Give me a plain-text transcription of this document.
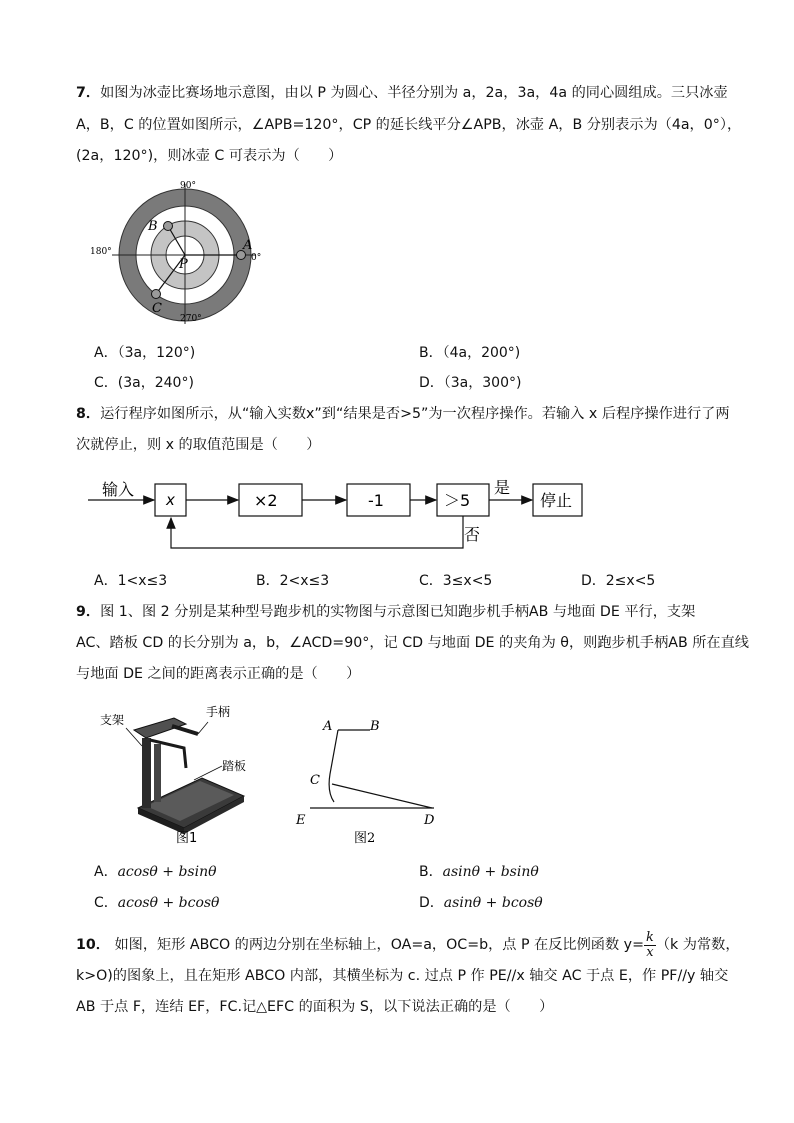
7．如图为冰壶比赛场地示意图，由以 P 为圆心、半径分别为 a，2a，3a，4a 的同心圆组成。三只冰壶
A，B，C 的位置如图所示，∠APB=120°，CP 的延长线平分∠APB，冰壶 A，B 分别表示为（4a，0°），
(2a，120°)，则冰壶 C 可表示为（　　）
90°
180°
0°
270°
A
B
C
P
A．（3a，120°)	B．（4a，200°)
C．(3a，240°)	D．（3a，300°)
8．运行程序如图所示，从“输入实数x”到“结果是否>5”为一次程序操作。若输入 x 后程序操作进行了两
次就停止，则 x 的取值范围是（　　）
输入
x	×2	-1	＞5
是
停止
否
A．1<x≤3	B．2<x≤3	C．3≤x<5	D．2≤x<5
9．图 1、图 2 分别是某种型号跑步机的实物图与示意图已知跑步机手柄AB 与地面 DE 平行，支架
AC、踏板 CD 的长分别为 a，b，∠ACD=90°，记 CD 与地面 DE 的夹角为 θ，则跑步机手柄AB 所在直线
与地面 DE 之间的距离表示正确的是（　　）
支架
手柄
踏板
图1
A	B
C
E	D
图2
A．acosθ + bsinθ	B．asinθ + bsinθ
C．acosθ + bcosθ	D．asinθ + bcosθ
10． 如图，矩形 ABCO 的两边分别在坐标轴上，OA=a，OC=b，点 P 在反比例函数 $y= \frac{k}{x} (k$ 为常数，
k>O)的图象上，且在矩形 ABCO 内部，其横坐标为 c. 过点 P 作 PE//x 轴交 AC 于点 E，作 PF//y 轴交
AB 于点 F，连结 EF，FC.记△EFC 的面积为 S，以下说法正确的是（　　）
